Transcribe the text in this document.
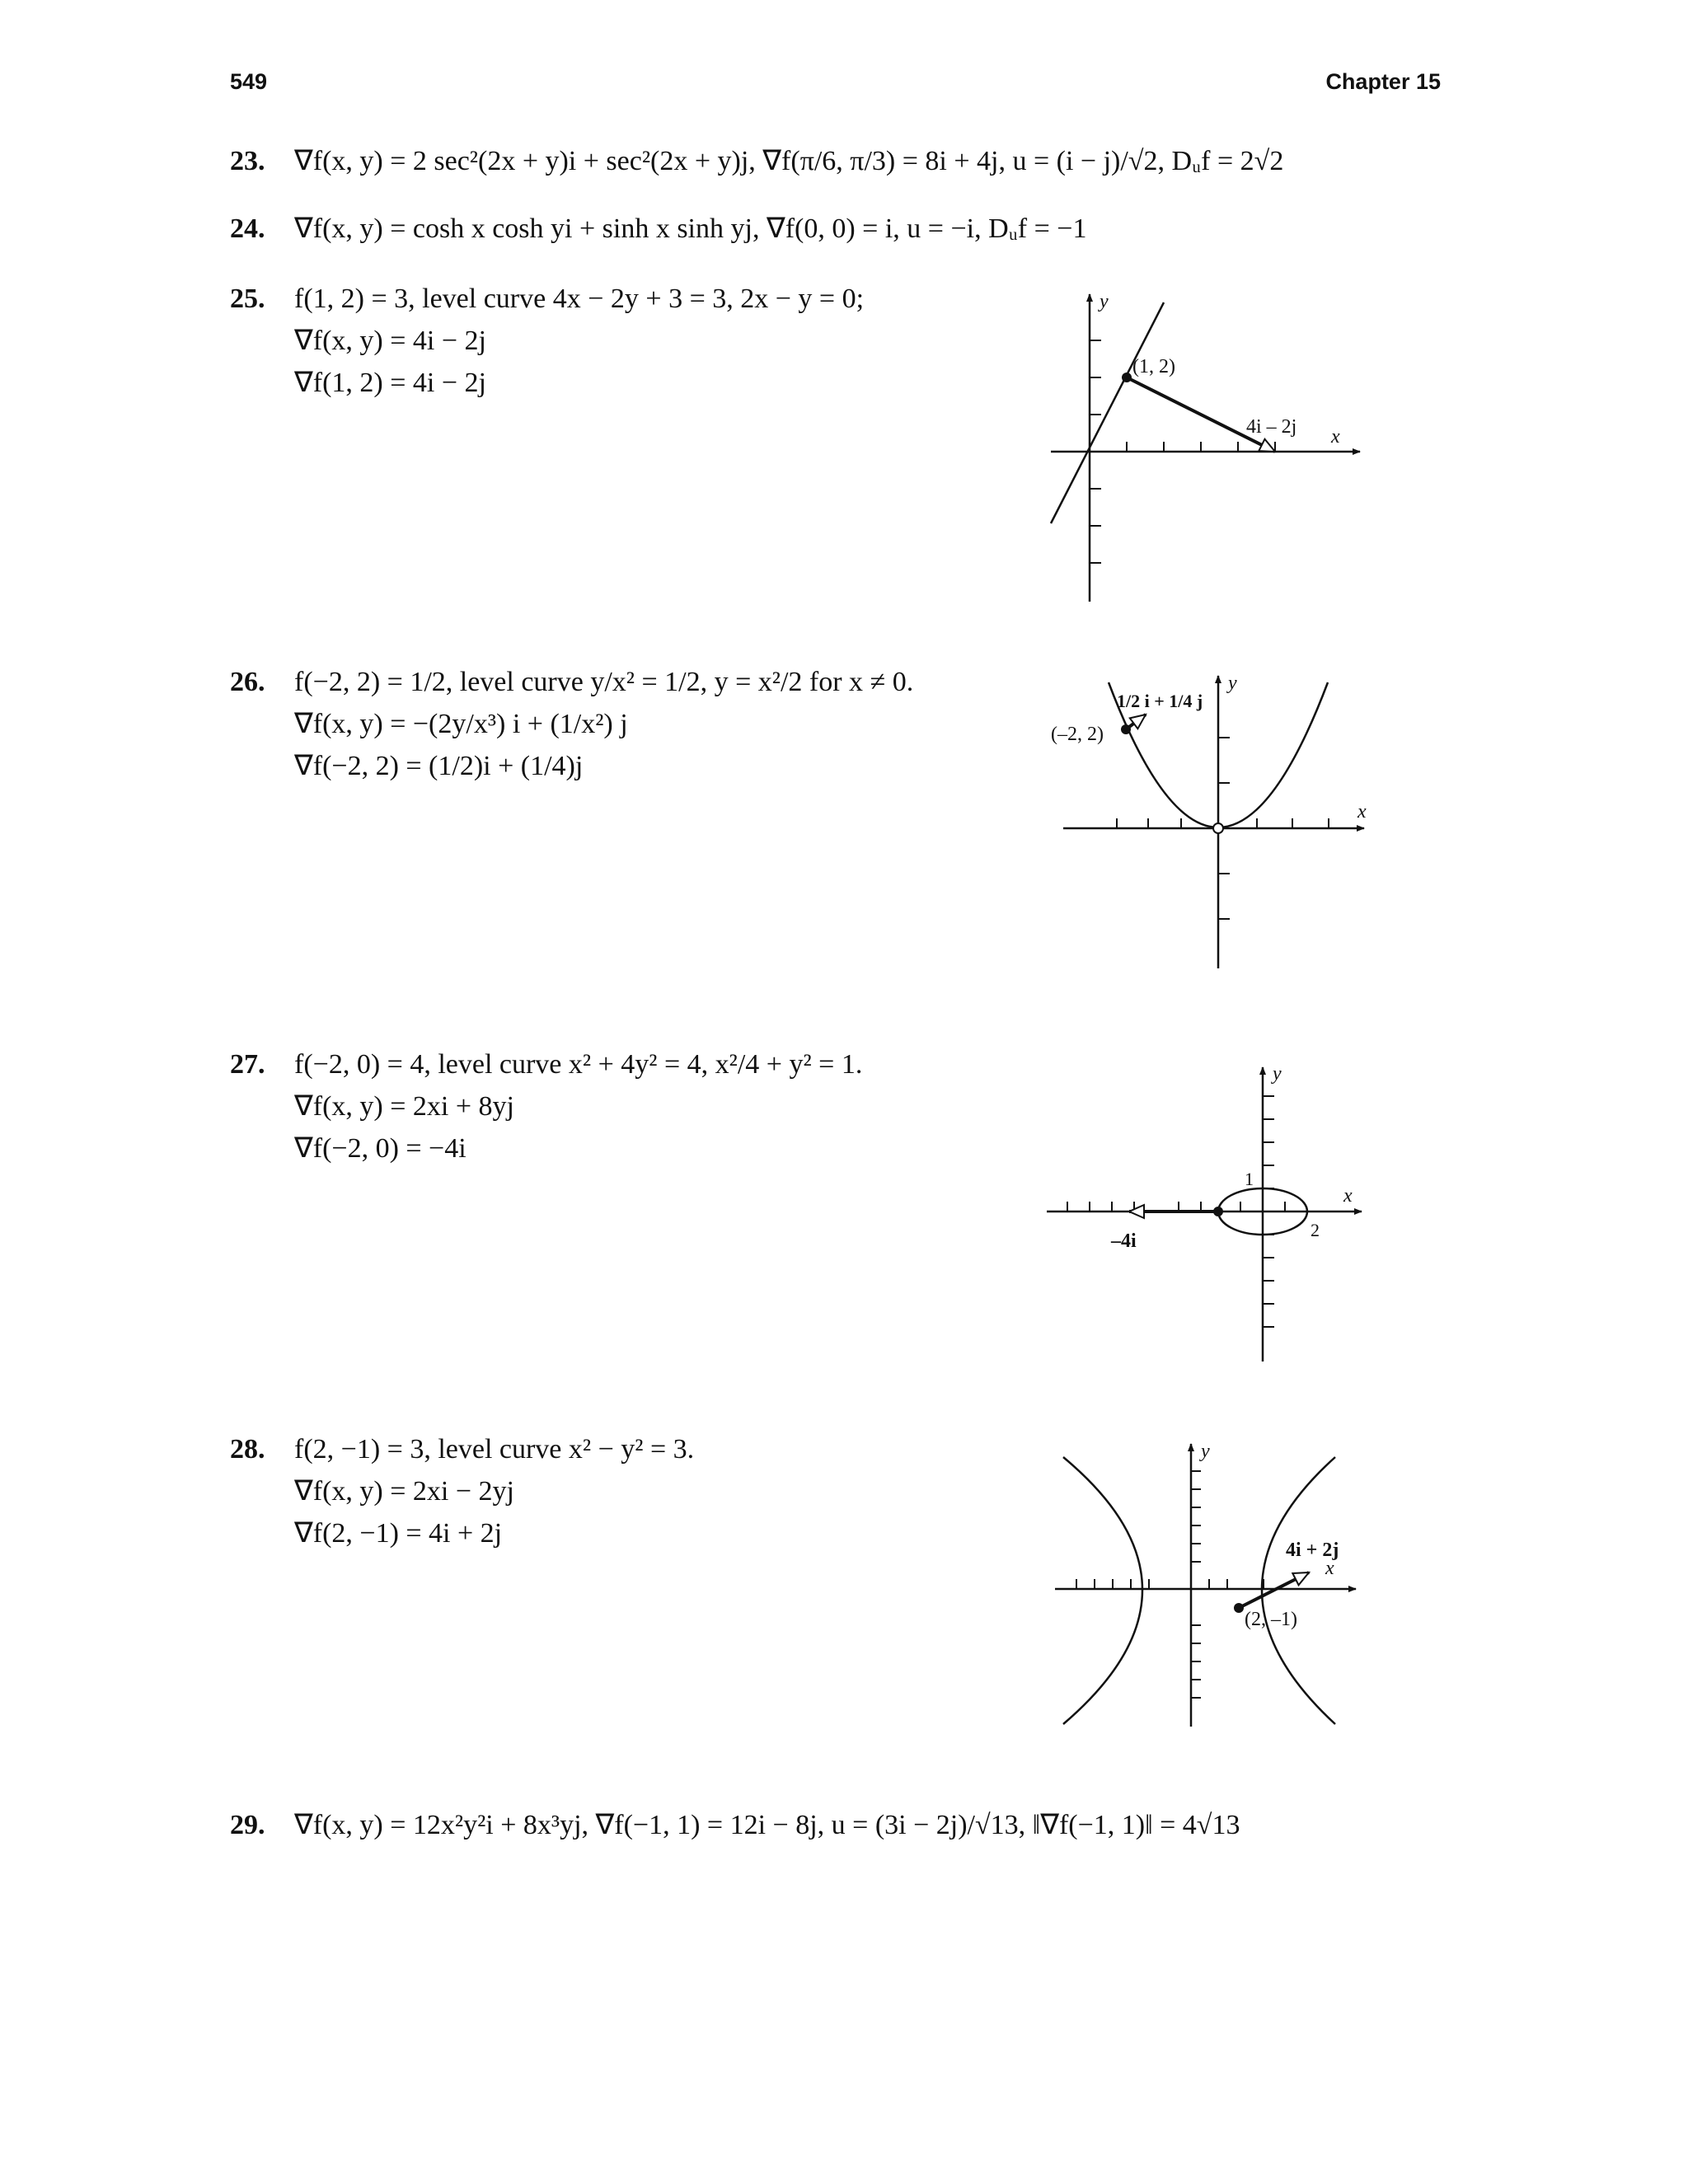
549	Chapter 15
23. ∇f(x, y) = 2 sec²(2x + y)i + sec²(2x + y)j, ∇f(π/6, π/3) = 8i + 4j, u = (i − j)/√2, Dᵤf = 2√2
24. ∇f(x, y) = cosh x cosh yi + sinh x sinh yj, ∇f(0, 0) = i, u = −i, Dᵤf = −1
25. f(1, 2) = 3, level curve 4x − 2y + 3 = 3, 2x − y = 0;
∇f(x, y) = 4i − 2j
∇f(1, 2) = 4i − 2j
26. f(−2, 2) = 1/2, level curve y/x² = 1/2, y = x²/2 for x ≠ 0.
∇f(x, y) = −(2y/x³) i + (1/x²) j
∇f(−2, 2) = (1/2)i + (1/4)j
27. f(−2, 0) = 4, level curve x² + 4y² = 4, x²/4 + y² = 1.
∇f(x, y) = 2xi + 8yj
∇f(−2, 0) = −4i
28. f(2, −1) = 3, level curve x² − y² = 3.
∇f(x, y) = 2xi − 2yj
∇f(2, −1) = 4i + 2j
29. ∇f(x, y) = 12x²y²i + 8x³yj, ∇f(−1, 1) = 12i − 8j, u = (3i − 2j)/√13, ‖∇f(−1, 1)‖ = 4√13
(1, 2)
4i – 2j x
y
(–2, 2)
1/2 i + 1/4 j
x
y
1
2
–4i
x
y
(2, –1)
4i + 2j
x
y
